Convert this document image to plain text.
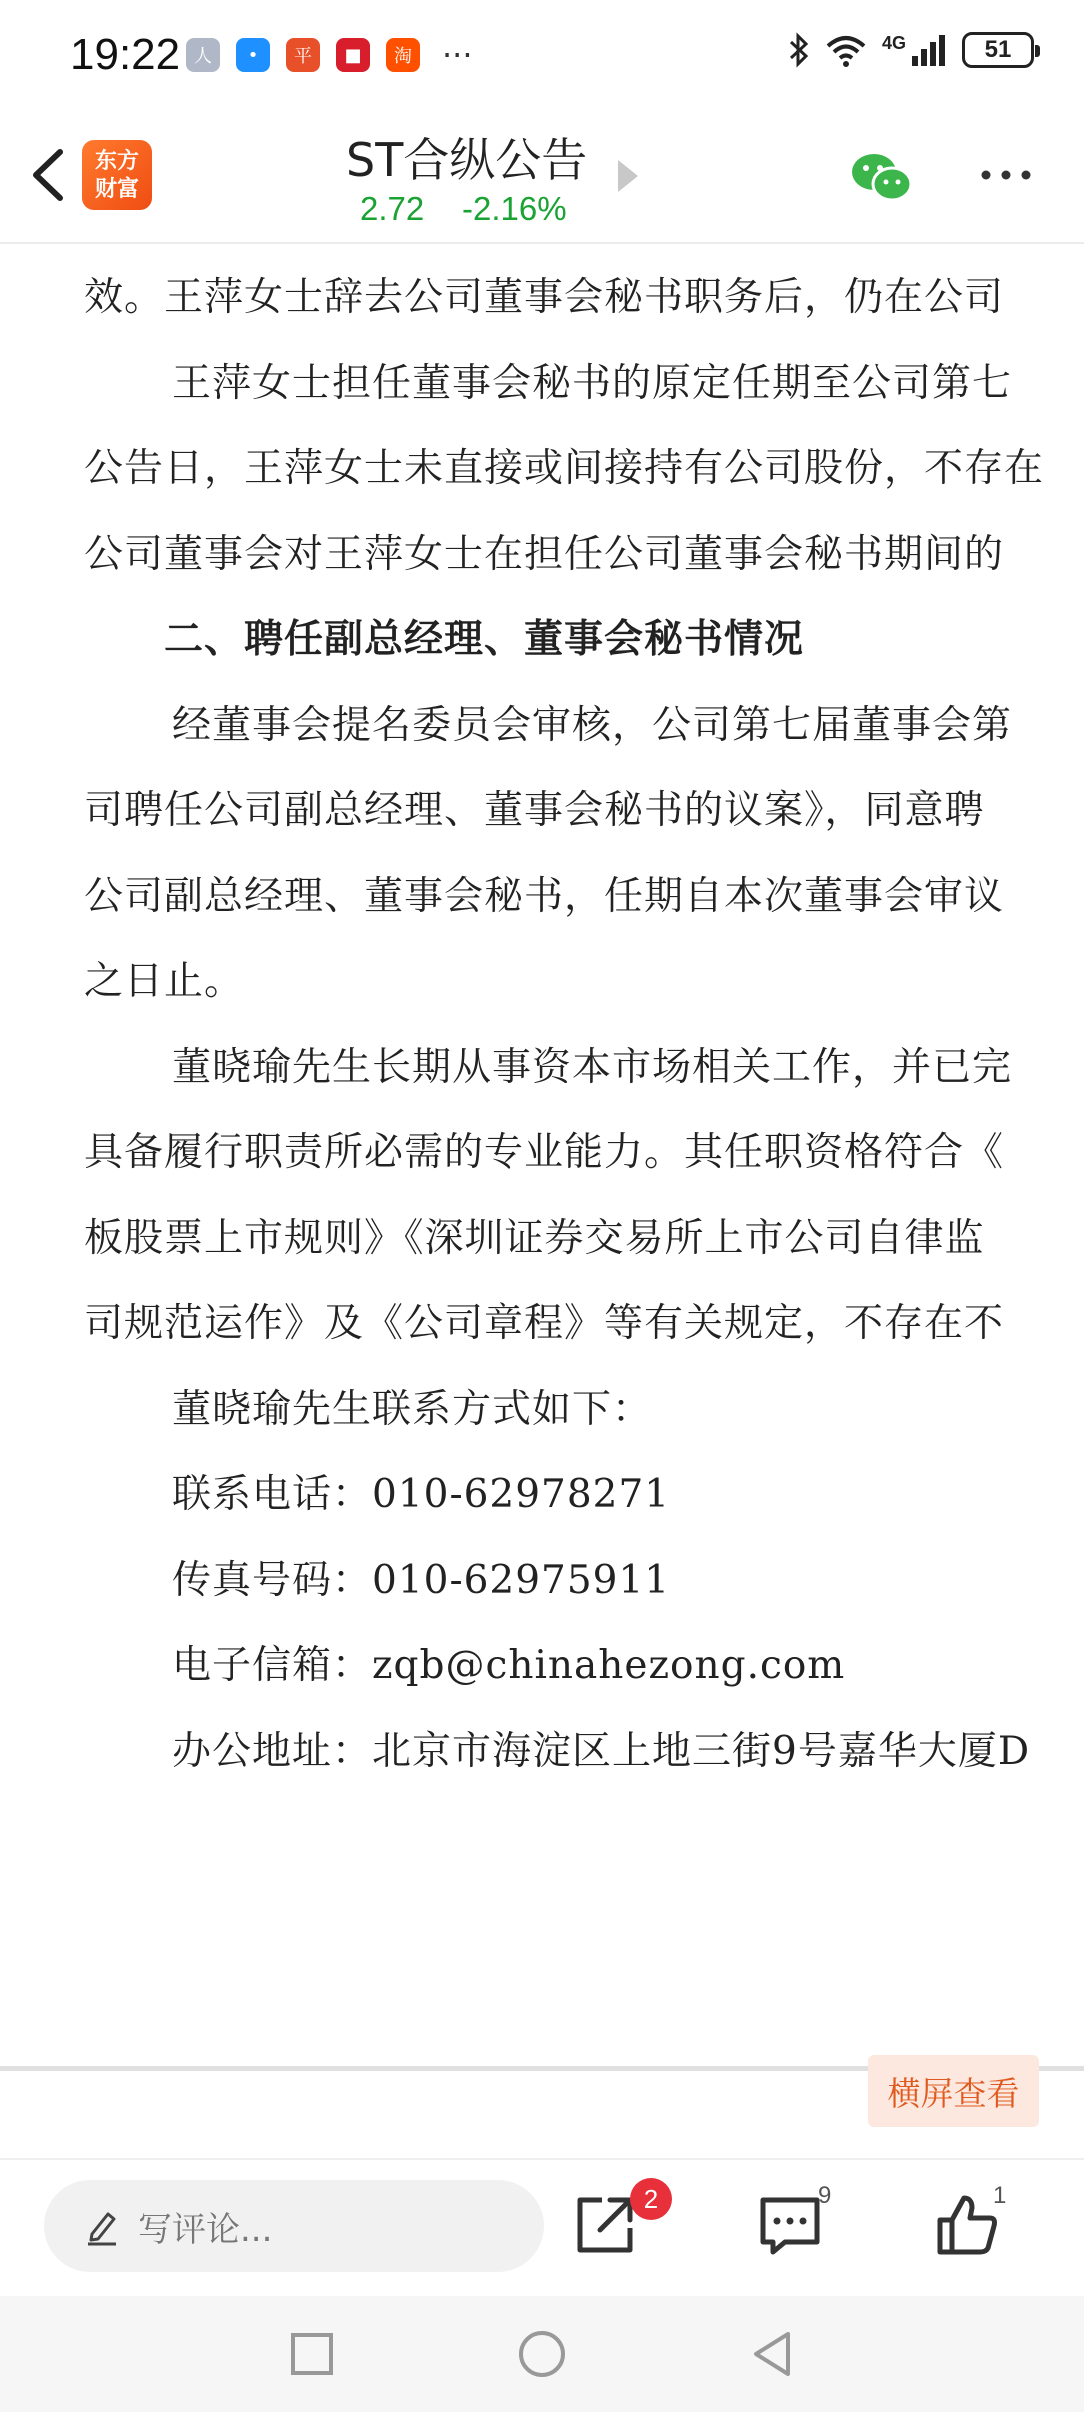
19:22 人	•	平	■	淘 ···	4G	51
东方
财富
ST合纵公告
2.72 -2.16%
效。王萍女士辞去公司董事会秘书职务后，仍在公司
王萍女士担任董事会秘书的原定任期至公司第七
公告日，王萍女士未直接或间接持有公司股份，不存在
公司董事会对王萍女士在担任公司董事会秘书期间的
二、聘任副总经理、董事会秘书情况
经董事会提名委员会审核，公司第七届董事会第
司聘任公司副总经理、董事会秘书的议案》，同意聘
公司副总经理、董事会秘书，任期自本次董事会审议
之日止。
董晓瑜先生长期从事资本市场相关工作，并已完
具备履行职责所必需的专业能力。其任职资格符合《
板股票上市规则》《深圳证券交易所上市公司自律监
司规范运作》及《公司章程》等有关规定，不存在不
董晓瑜先生联系方式如下：
联系电话：010-62978271
传真号码：010-62975911
电子信箱：zqb@chinahezong.com
办公地址：北京市海淀区上地三街9号嘉华大厦D
横屏查看
写评论...
2	9	1
